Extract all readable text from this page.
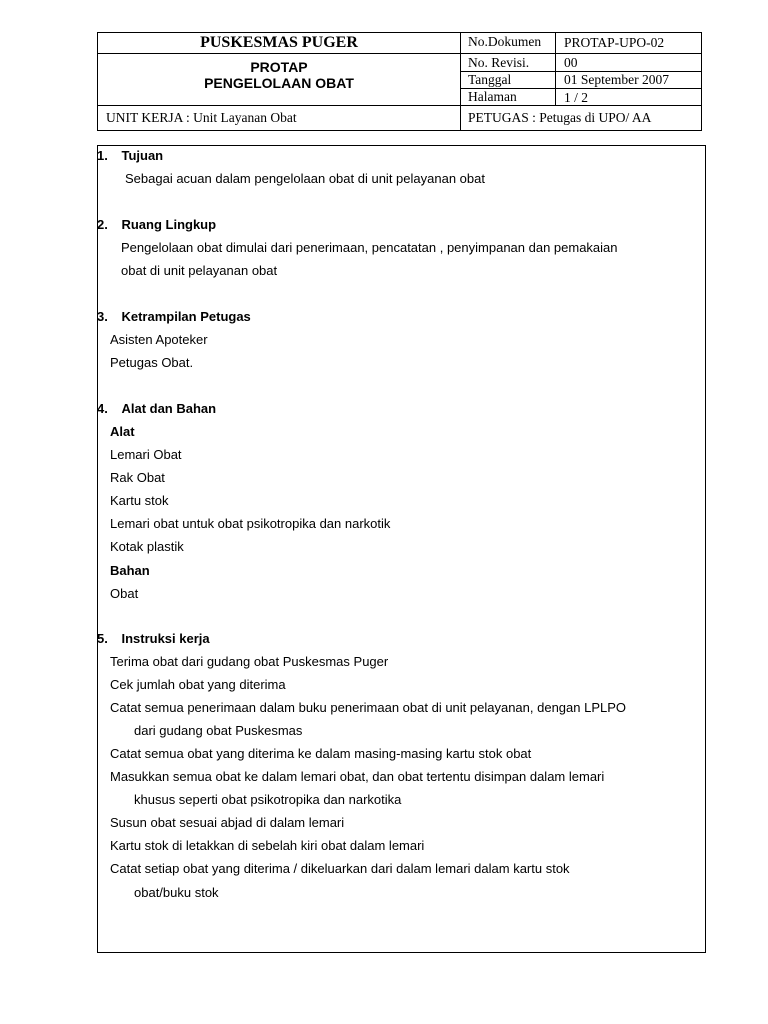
PUSKESMAS PUGER
PROTAP
PENGELOLAAN OBAT
UNIT KERJA : Unit Layanan Obat
No.Dokumen PROTAP-UPO-02
No. Revisi.	00
Tanggal	01 September 2007
Halaman	1 / 2
PETUGAS : Petugas di UPO/ AA
1. Tujuan
Sebagai acuan dalam pengelolaan obat di unit pelayanan obat
2. Ruang Lingkup
Pengelolaan obat dimulai dari penerimaan, pencatatan , penyimpanan dan pemakaian
obat di unit pelayanan obat
3. Ketrampilan Petugas
Asisten Apoteker
Petugas Obat.
4. Alat dan Bahan
Alat
Lemari Obat
Rak Obat
Kartu stok
Lemari obat untuk obat psikotropika dan narkotik
Kotak plastik
Bahan
Obat
5. Instruksi kerja
Terima obat dari gudang obat Puskesmas Puger
Cek jumlah obat yang diterima
Catat semua penerimaan dalam buku penerimaan obat di unit pelayanan, dengan LPLPO
dari gudang obat Puskesmas
Catat semua obat yang diterima ke dalam masing-masing kartu stok obat
Masukkan semua obat ke dalam lemari obat, dan obat tertentu disimpan dalam lemari
khusus seperti obat psikotropika dan narkotika
Susun obat sesuai abjad di dalam lemari
Kartu stok di letakkan di sebelah kiri obat dalam lemari
Catat setiap obat yang diterima / dikeluarkan dari dalam lemari dalam kartu stok
obat/buku stok
